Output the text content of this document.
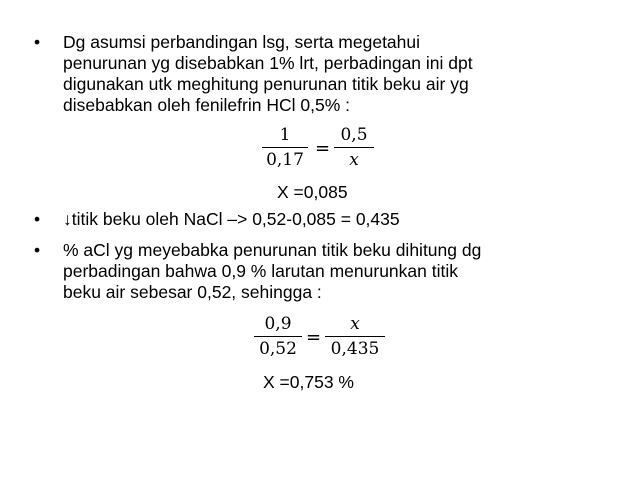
• Dg asumsi perbandingan lsg, serta megetahui
penurunan yg disebabkan 1% lrt, perbadingan ini dpt
digunakan utk meghitung penurunan titik beku air yg
disebabkan oleh fenilefrin HCl 0,5% :
1
0,17
=
0,5
x
X =0,085
• ↓titik beku oleh NaCl –> 0,52-0,085 = 0,435
• % aCl yg meyebabka penurunan titik beku dihitung dg
perbadingan bahwa 0,9 % larutan menurunkan titik
beku air sebesar 0,52, sehingga :
0,9
0,52
=
x
0,435
X =0,753 %
